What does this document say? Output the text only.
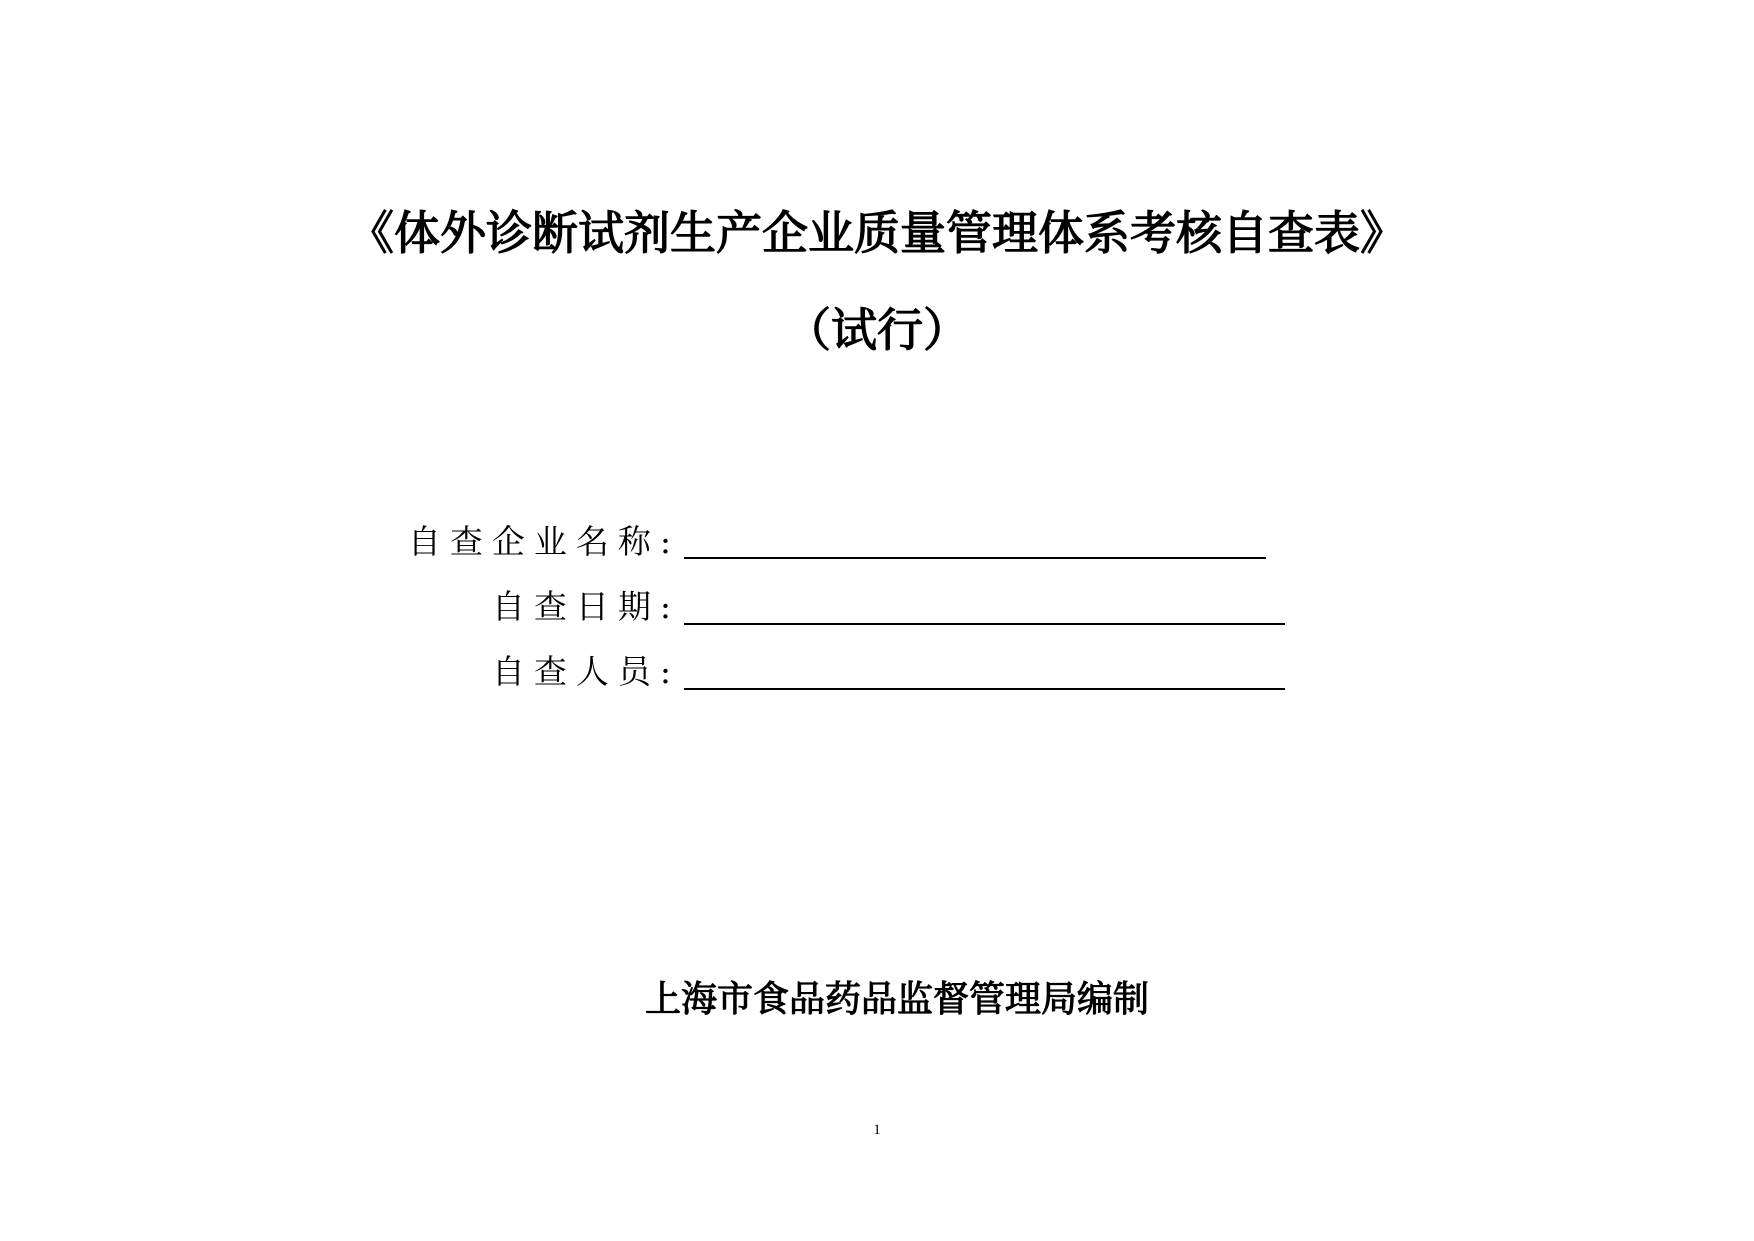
《体外诊断试剂生产企业质量管理体系考核自查表》
（试行）
自查企业名称:
自查日期:
自查人员:
上海市食品药品监督管理局编制
1
